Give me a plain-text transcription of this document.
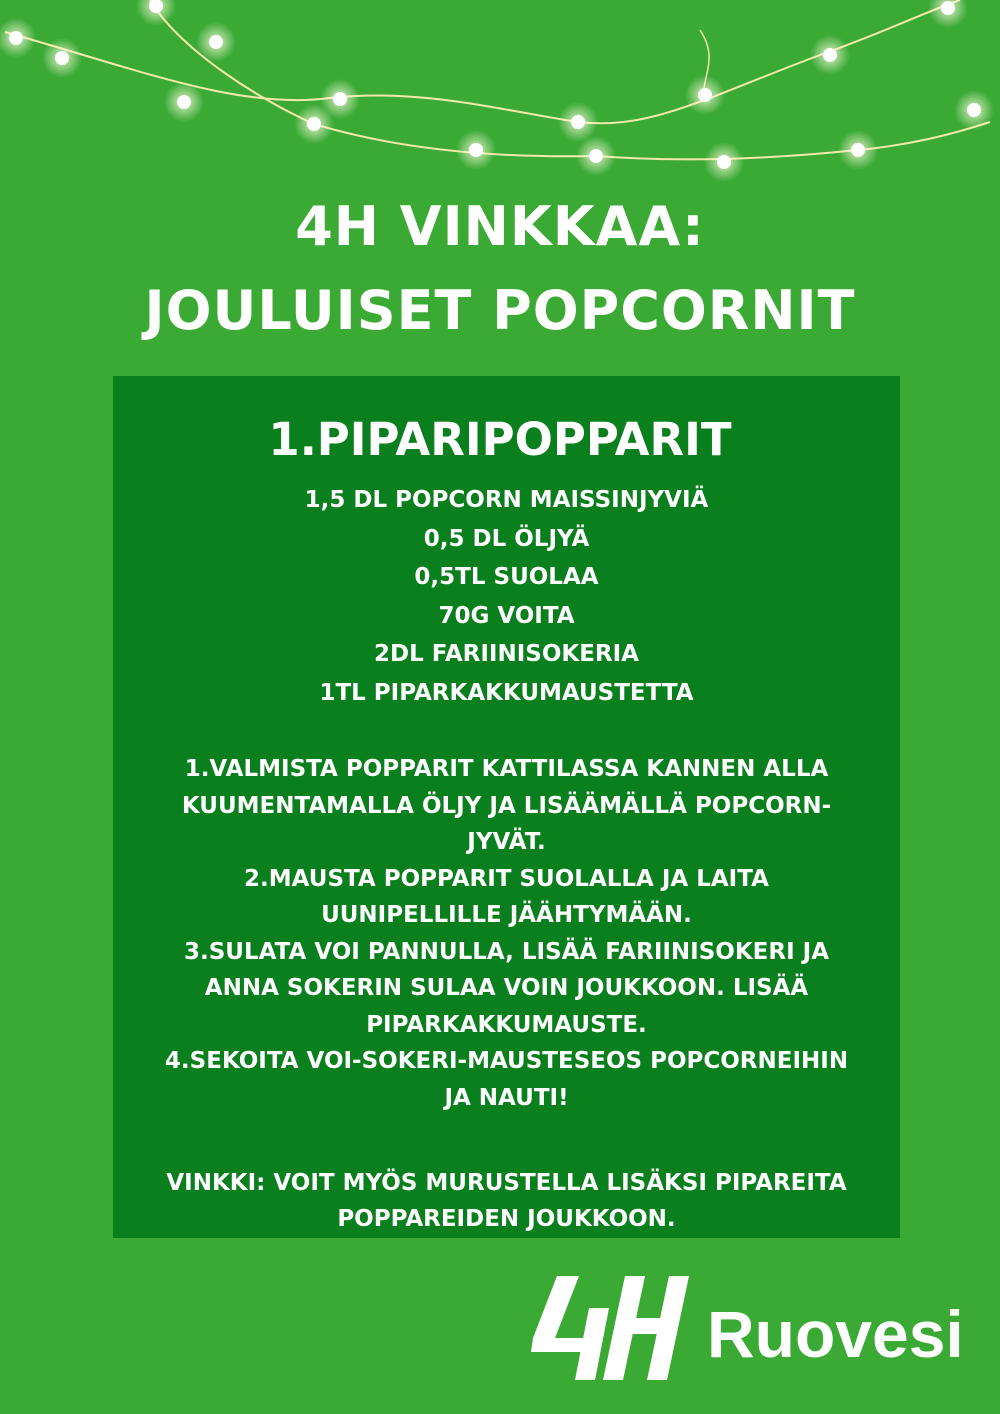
4H VINKKAA:
JOULUISET POPCORNIT
1.PIPARIPOPPARIT
1,5 DL POPCORN MAISSINJYVIÄ
0,5 DL ÖLJYÄ
0,5TL SUOLAA
70G VOITA
2DL FARIINISOKERIA
1TL PIPARKAKKUMAUSTETTA
1.VALMISTA POPPARIT KATTILASSA KANNEN ALLA
KUUMENTAMALLA ÖLJY JA LISÄÄMÄLLÄ POPCORN-
JYVÄT.
2.MAUSTA POPPARIT SUOLALLA JA LAITA
UUNIPELLILLE JÄÄHTYMÄÄN.
3.SULATA VOI PANNULLA, LISÄÄ FARIINISOKERI JA
ANNA SOKERIN SULAA VOIN JOUKKOON. LISÄÄ
PIPARKAKKUMAUSTE.
4.SEKOITA VOI-SOKERI-MAUSTESEOS POPCORNEIHIN
JA NAUTI!
VINKKI: VOIT MYÖS MURUSTELLA LISÄKSI PIPAREITA
POPPAREIDEN JOUKKOON.
Ruovesi
